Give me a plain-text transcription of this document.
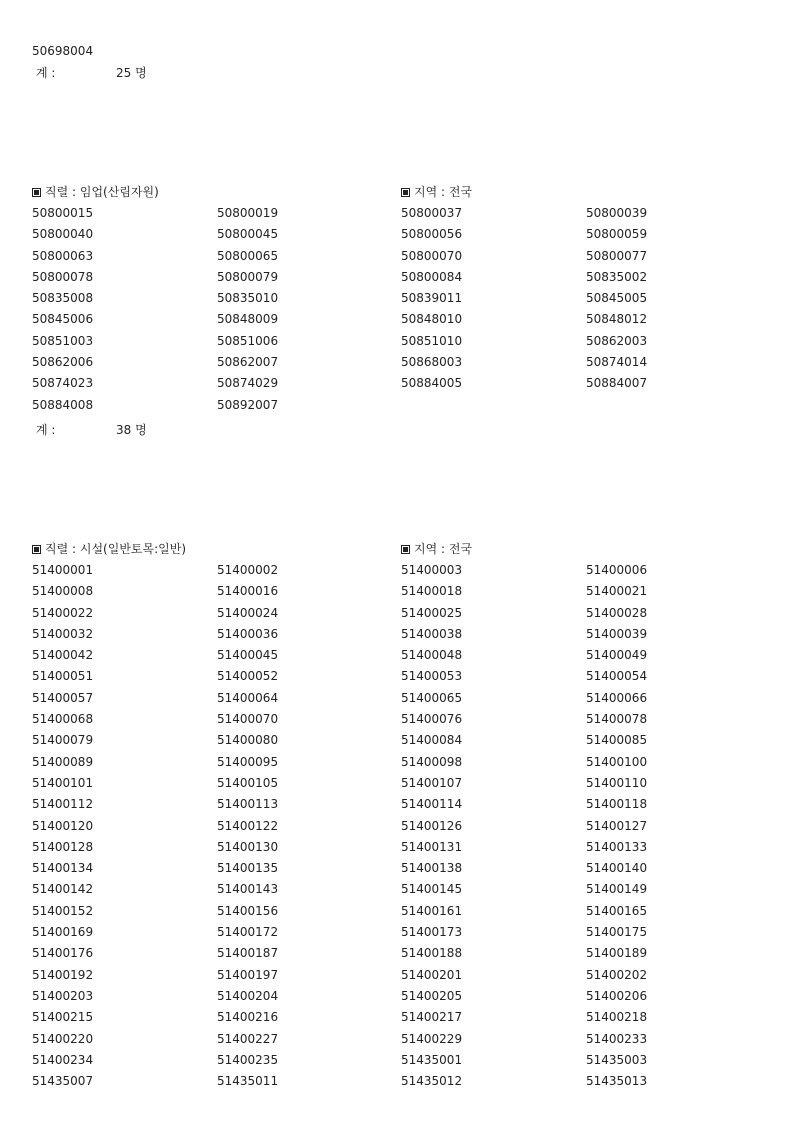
50698004
계 :	25 명
직렬 : 임업(산림자원)	지역 : 전국
50800015	50800019	50800037	50800039
50800040	50800045	50800056	50800059
50800063	50800065	50800070	50800077
50800078	50800079	50800084	50835002
50835008	50835010	50839011	50845005
50845006	50848009	50848010	50848012
50851003	50851006	50851010	50862003
50862006	50862007	50868003	50874014
50874023	50874029	50884005	50884007
50884008	50892007
계 :	38 명
직렬 : 시설(일반토목:일반)	지역 : 전국
51400001	51400002	51400003	51400006
51400008	51400016	51400018	51400021
51400022	51400024	51400025	51400028
51400032	51400036	51400038	51400039
51400042	51400045	51400048	51400049
51400051	51400052	51400053	51400054
51400057	51400064	51400065	51400066
51400068	51400070	51400076	51400078
51400079	51400080	51400084	51400085
51400089	51400095	51400098	51400100
51400101	51400105	51400107	51400110
51400112	51400113	51400114	51400118
51400120	51400122	51400126	51400127
51400128	51400130	51400131	51400133
51400134	51400135	51400138	51400140
51400142	51400143	51400145	51400149
51400152	51400156	51400161	51400165
51400169	51400172	51400173	51400175
51400176	51400187	51400188	51400189
51400192	51400197	51400201	51400202
51400203	51400204	51400205	51400206
51400215	51400216	51400217	51400218
51400220	51400227	51400229	51400233
51400234	51400235	51435001	51435003
51435007	51435011	51435012	51435013
